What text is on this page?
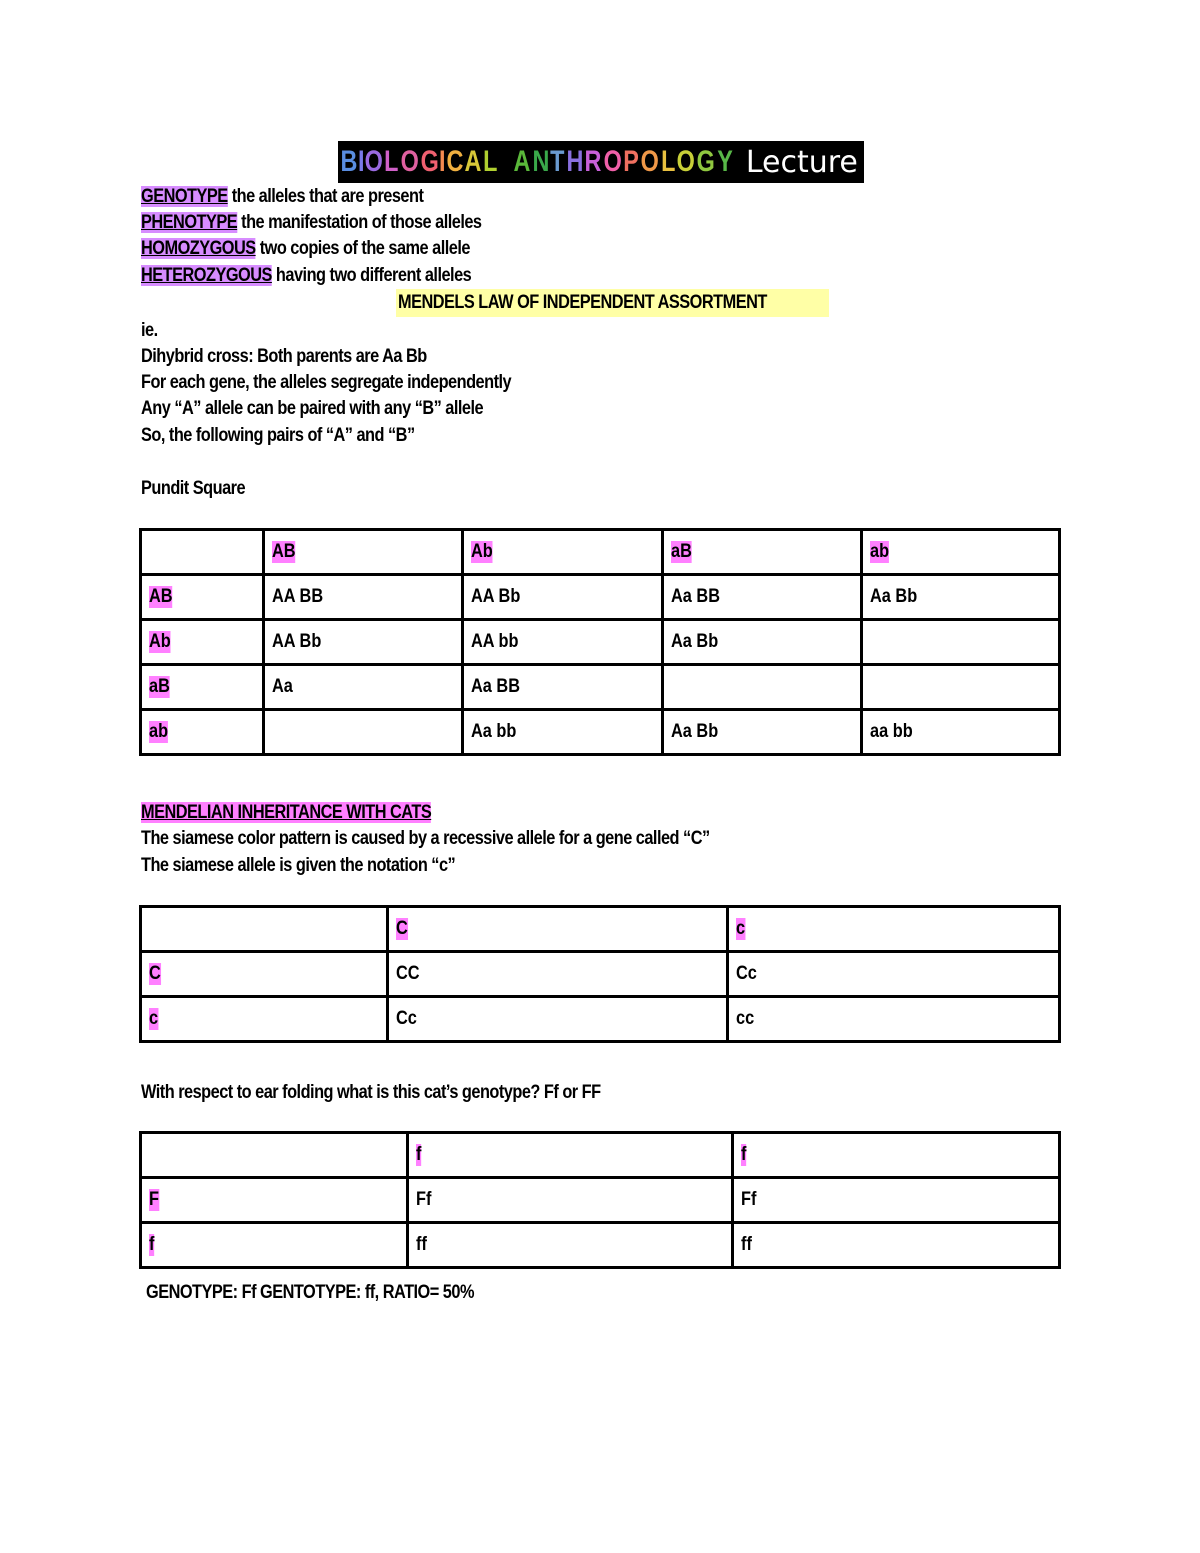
B I O L O G I C A L
A N T H R O P O L O G Y Lecture
GENOTYPE the alleles that are present
PHENOTYPE the manifestation of those alleles
HOMOZYGOUS two copies of the same allele
HETEROZYGOUS having two different alleles
MENDELS LAW OF INDEPENDENT ASSORTMENT
ie.
Dihybrid cross: Both parents are Aa Bb
For each gene, the alleles segregate independently
Any “A” allele can be paired with any “B” allele
So, the following pairs of “A” and “B”
Pundit Square
	AB	Ab	aB	ab
AB	AA BB	AA Bb	Aa BB	Aa Bb
Ab	AA Bb	AA bb	Aa Bb	
aB	Aa	Aa BB		
ab		Aa bb	Aa Bb	aa bb
MENDELIAN INHERITANCE WITH CATS
The siamese color pattern is caused by a recessive allele for a gene called “C”
The siamese allele is given the notation “c”
	C	c
C	CC	Cc
c	Cc	cc
With respect to ear folding what is this cat’s genotype? Ff or FF
	f	f
F	Ff	Ff
f	ff	ff
GENOTYPE: Ff GENTOTYPE: ff, RATIO= 50%
